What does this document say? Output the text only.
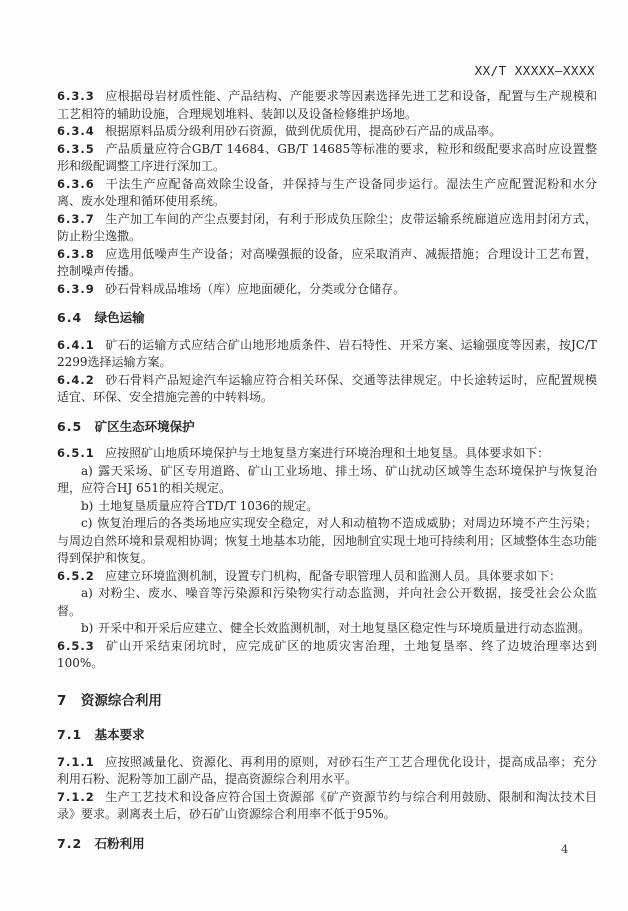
XX/T XXXXX—XXXX

6.3.3 应根据母岩材质性能、产品结构、产能要求等因素选择先进工艺和设备，配置与生产规模和工艺相符的辅助设施，合理规划堆料、装卸以及设备检修维护场地。

6.3.4 根据原料品质分级利用砂石资源，做到优质优用，提高砂石产品的成品率。

6.3.5 产品质量应符合GB/T 14684、GB/T 14685等标准的要求，粒形和级配要求高时应设置整形和级配调整工序进行深加工。

6.3.6 干法生产应配备高效除尘设备，并保持与生产设备同步运行。湿法生产应配置泥粉和水分离、废水处理和循环使用系统。

6.3.7 生产加工车间的产尘点要封闭，有利于形成负压除尘；皮带运输系统廊道应选用封闭方式，防止粉尘逸撒。

6.3.8 应选用低噪声生产设备；对高噪强振的设备，应采取消声、减振措施；合理设计工艺布置，控制噪声传播。

6.3.9 砂石骨料成品堆场（库）应地面硬化，分类或分仓储存。

6.4 绿色运输

6.4.1 矿石的运输方式应结合矿山地形地质条件、岩石特性、开采方案、运输强度等因素，按JC/T 2299选择运输方案。

6.4.2 砂石骨料产品短途汽车运输应符合相关环保、交通等法律规定。中长途转运时，应配置规模适宜、环保、安全措施完善的中转料场。

6.5 矿区生态环境保护

6.5.1 应按照矿山地质环境保护与土地复垦方案进行环境治理和土地复垦。具体要求如下：

a) 露天采场、矿区专用道路、矿山工业场地、排土场、矿山扰动区域等生态环境保护与恢复治理，应符合HJ 651的相关规定。

b) 土地复垦质量应符合TD/T 1036的规定。

c) 恢复治理后的各类场地应实现安全稳定，对人和动植物不造成威胁；对周边环境不产生污染；与周边自然环境和景观相协调；恢复土地基本功能，因地制宜实现土地可持续利用；区域整体生态功能得到保护和恢复。

6.5.2 应建立环境监测机制，设置专门机构，配备专职管理人员和监测人员。具体要求如下：

a) 对粉尘、废水、噪音等污染源和污染物实行动态监测，并向社会公开数据，接受社会公众监督。

b) 开采中和开采后应建立、健全长效监测机制，对土地复垦区稳定性与环境质量进行动态监测。

6.5.3 矿山开采结束闭坑时，应完成矿区的地质灾害治理，土地复垦率、终了边坡治理率达到100%。

7 资源综合利用

7.1 基本要求

7.1.1 应按照减量化、资源化、再利用的原则，对砂石生产工艺合理优化设计，提高成品率；充分利用石粉、泥粉等加工副产品，提高资源综合利用水平。

7.1.2 生产工艺技术和设备应符合国土资源部《矿产资源节约与综合利用鼓励、限制和淘汰技术目录》要求。剥离表土后，砂石矿山资源综合利用率不低于95%。

7.2 石粉利用	4
